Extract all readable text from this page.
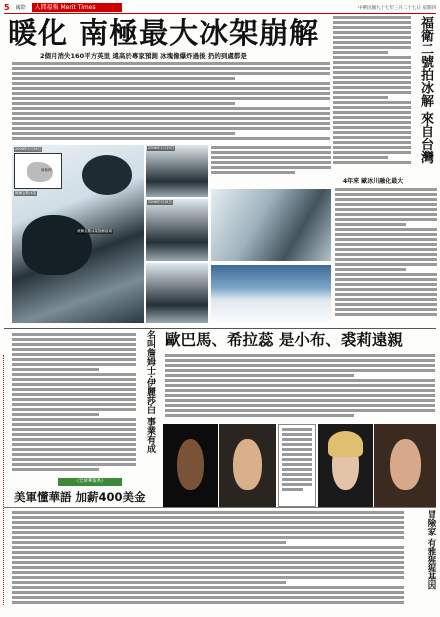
5 國際	人間福報 Merit Times	中華民國九十七年三月二十七日 星期四
暖化 南極最大冰架崩解
2個月消失160平方英里 遠高於專家預測 冰塊像爆炸過後 扔的到處都是
南極洲
2008年2月28日
威爾金斯冰架
威爾金斯冰架崩解區域
2008年2月29日
2008年3月8日
福衛二號拍冰解 來自台灣
4年來 歐冰川融化最大
歐巴馬、希拉蕊 是小布、裘莉遠親
名叫詹姆士‧伊麗莎白 事業有成
《全球華報系》
美軍懂華語 加薪400美金
冒險家 有雅猩猩基因
